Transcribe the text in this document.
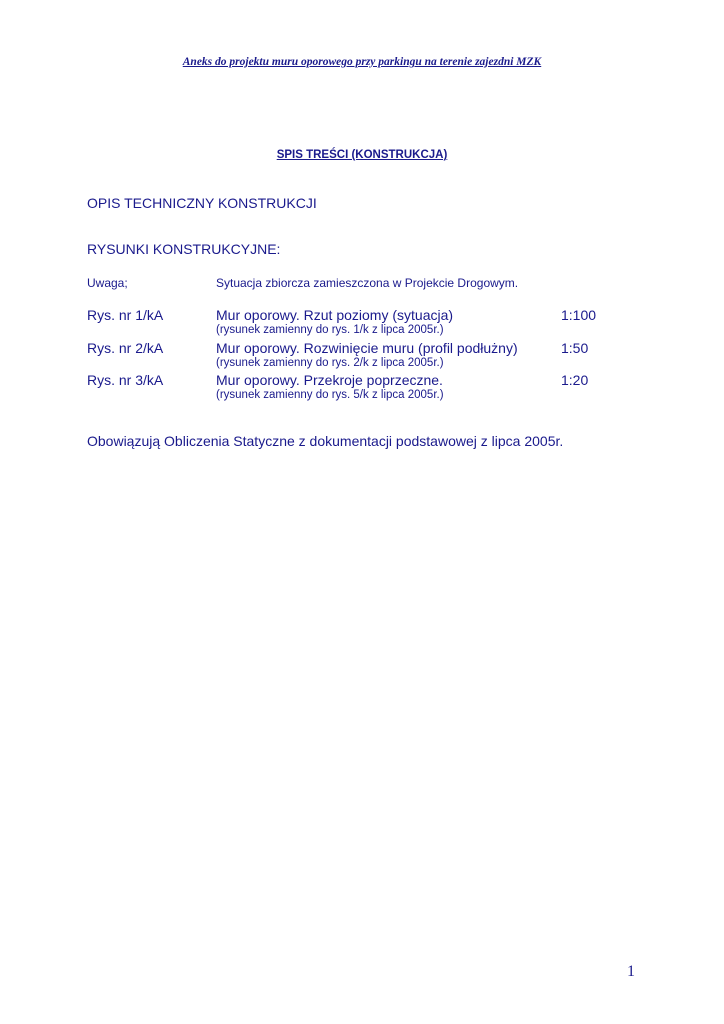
Aneks do projektu muru oporowego przy parkingu na terenie zajezdni MZK
SPIS TREŚCI (KONSTRUKCJA)
OPIS TECHNICZNY KONSTRUKCJI
RYSUNKI KONSTRUKCYJNE:
Uwaga;	Sytuacja zbiorcza zamieszczona w Projekcie Drogowym.
Rys. nr 1/kA	Mur oporowy. Rzut poziomy (sytuacja)	1:100
(rysunek zamienny do rys. 1/k z lipca 2005r.)
Rys. nr 2/kA	Mur oporowy. Rozwinięcie muru (profil podłużny)	1:50
(rysunek zamienny do rys. 2/k z lipca 2005r.)
Rys. nr 3/kA	Mur oporowy. Przekroje poprzeczne.	1:20
(rysunek zamienny do rys. 5/k z lipca 2005r.)
Obowiązują Obliczenia Statyczne z dokumentacji podstawowej z lipca 2005r.
1
